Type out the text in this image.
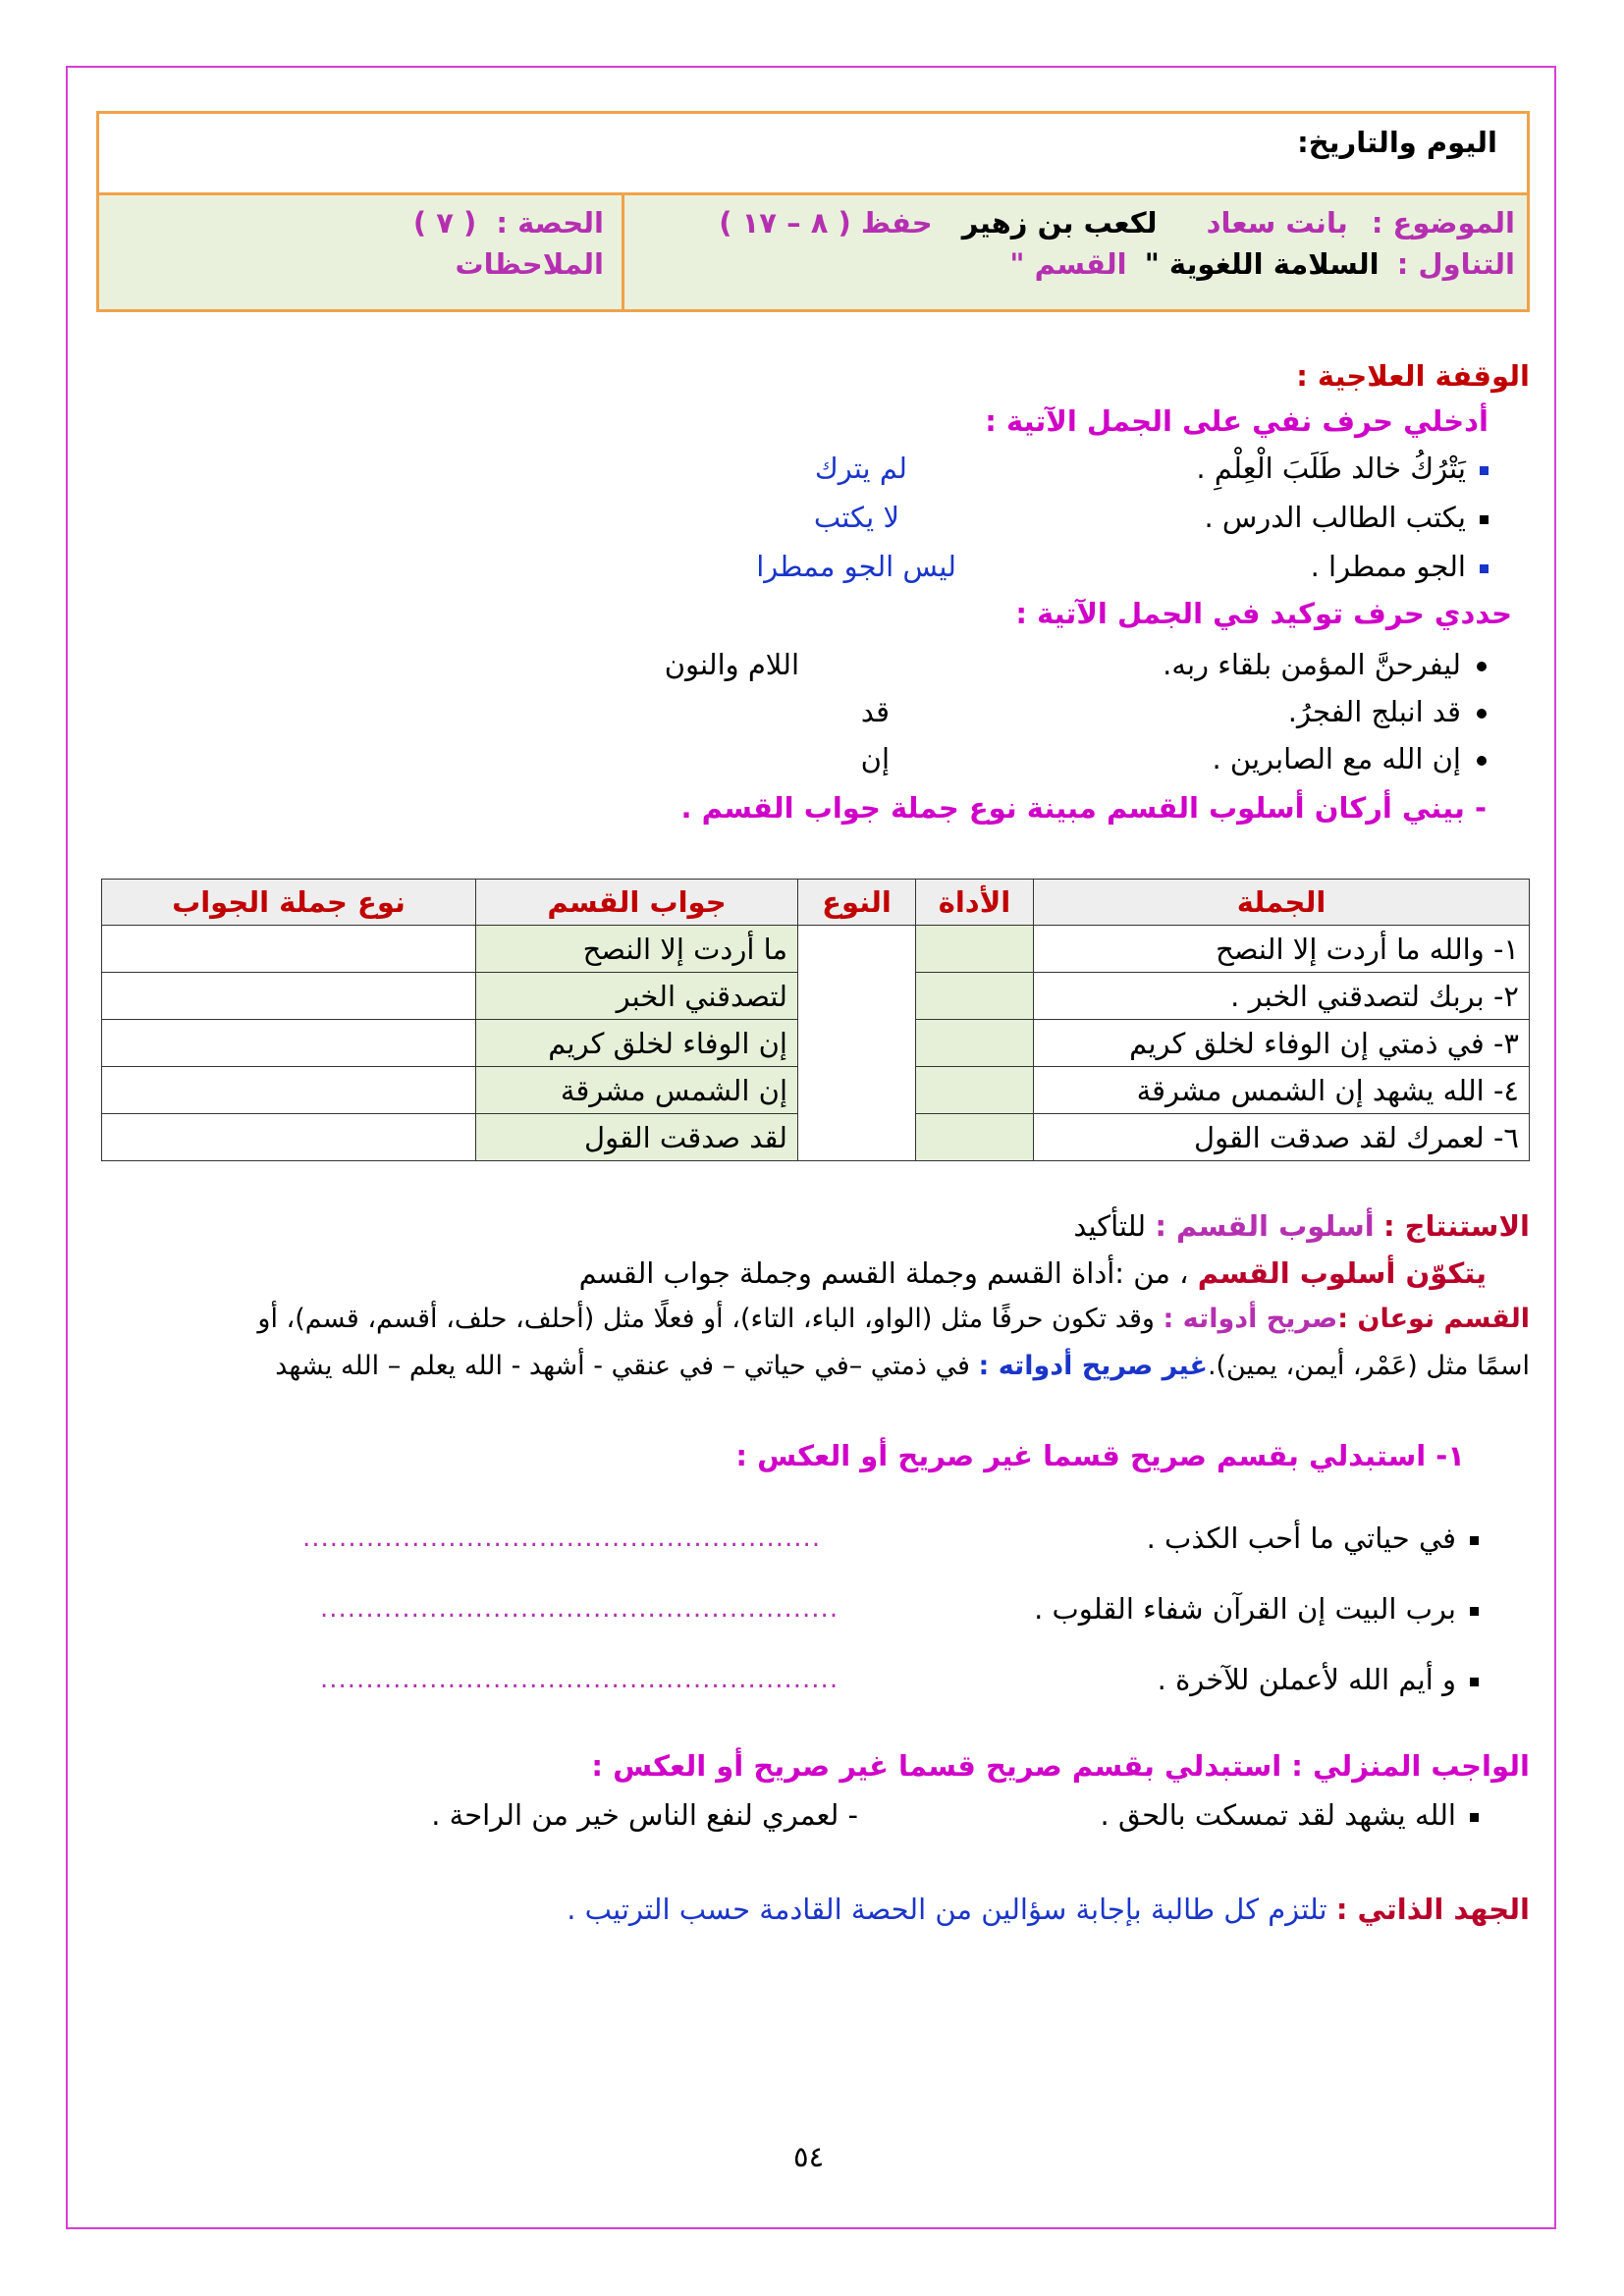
اليوم والتاريخ:
الموضوع : بانت سعاد لكعب بن زهير حفظ ( ٨ – ١٧ )
التناول : السلامة اللغوية " القسم "
الحصة : ( ٧ )
الملاحظات
الوقفة العلاجية :
أدخلي حرف نفي على الجمل الآتية :
يَتْرُكُ خالد طَلَبَ الْعِلْمِ .
لم يترك
يكتب الطالب الدرس .
لا يكتب
الجو ممطرا .
ليس الجو ممطرا
حددي حرف توكيد في الجمل الآتية :
ليفرحنَّ المؤمن بلقاء ربه.
اللام والنون
قد انبلج الفجرُ.
قد
إن الله مع الصابرين .
إن
- بيني أركان أسلوب القسم مبينة نوع جملة جواب القسم .
الجملة	الأداة	النوع	جواب القسم	نوع جملة الجواب
١- والله ما أردت إلا النصح			ما أردت إلا النصح	
٢- بربك لتصدقني الخبر .			لتصدقني الخبر	
٣- في ذمتي إن الوفاء لخلق كريم			إن الوفاء لخلق كريم	
٤- الله يشهد إن الشمس مشرقة			إن الشمس مشرقة	
٦- لعمرك لقد صدقت القول			لقد صدقت القول	
الاستنتاج : أسلوب القسم : للتأكيد
يتكوّن أسلوب القسم ، من :أداة القسم وجملة القسم وجملة جواب القسم
القسم نوعان :صريح أدواته : وقد تكون حرفًا مثل (الواو، الباء، التاء)، أو فعلًا مثل (أحلف، حلف، أقسم، قسم)، أو
اسمًا مثل (عَمْر، أيمن، يمين).غير صريح أدواته : في ذمتي –في حياتي – في عنقي - أشهد - الله يعلم – الله يشهد
١- استبدلي بقسم صريح قسما غير صريح أو العكس :
في حياتي ما أحب الكذب .
.........................................................
برب البيت إن القرآن شفاء القلوب .
.........................................................
و أيم الله لأعملن للآخرة .
.........................................................
الواجب المنزلي : استبدلي بقسم صريح قسما غير صريح أو العكس :
الله يشهد لقد تمسكت بالحق .
- لعمري لنفع الناس خير من الراحة .
الجهد الذاتي : تلتزم كل طالبة بإجابة سؤالين من الحصة القادمة حسب الترتيب .
٥٤
